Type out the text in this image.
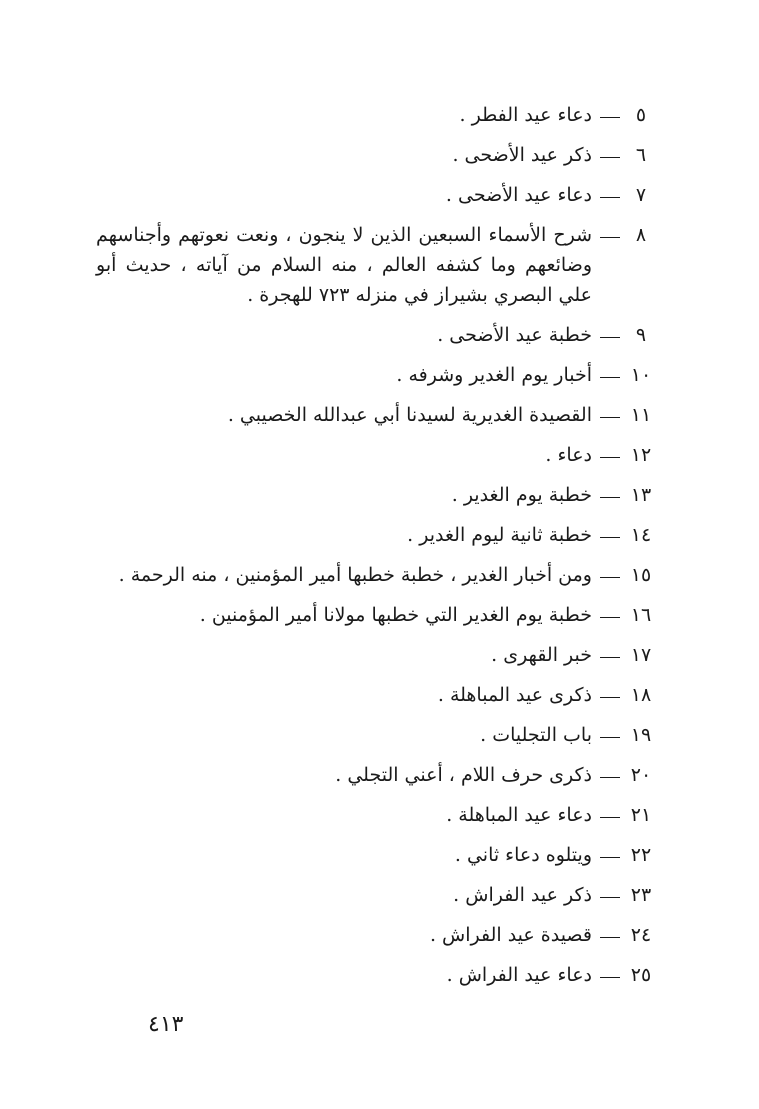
٥
دعاء عيد الفطر .
٦
ذكر عيد الأضحى .
٧
دعاء عيد الأضحى .
٨
شرح الأسماء السبعين الذين لا ينجون ، ونعت نعوتهم وأجناسهم وضائعهم وما كشفه العالم ، منه السلام من آياته ، حديث أبو علي البصري بشيراز في منزله ٧٢٣ للهجرة .
٩
خطبة عيد الأضحى .
١٠
أخبار يوم الغدير وشرفه .
١١
القصيدة الغديرية لسيدنا أبي عبدالله الخصيبي .
١٢
دعاء .
١٣
خطبة يوم الغدير .
١٤
خطبة ثانية ليوم الغدير .
١٥
ومن أخبار الغدير ، خطبة خطبها أمير المؤمنين ، منه الرحمة .
١٦
خطبة يوم الغدير التي خطبها مولانا أمير المؤمنين .
١٧
خبر القهرى .
١٨
ذكرى عيد المباهلة .
١٩
باب التجليات .
٢٠
ذكرى حرف اللام ، أعني التجلي .
٢١
دعاء عيد المباهلة .
٢٢
ويتلوه دعاء ثاني .
٢٣
ذكر عيد الفراش .
٢٤
قصيدة عيد الفراش .
٢٥
دعاء عيد الفراش .
٤١٣
